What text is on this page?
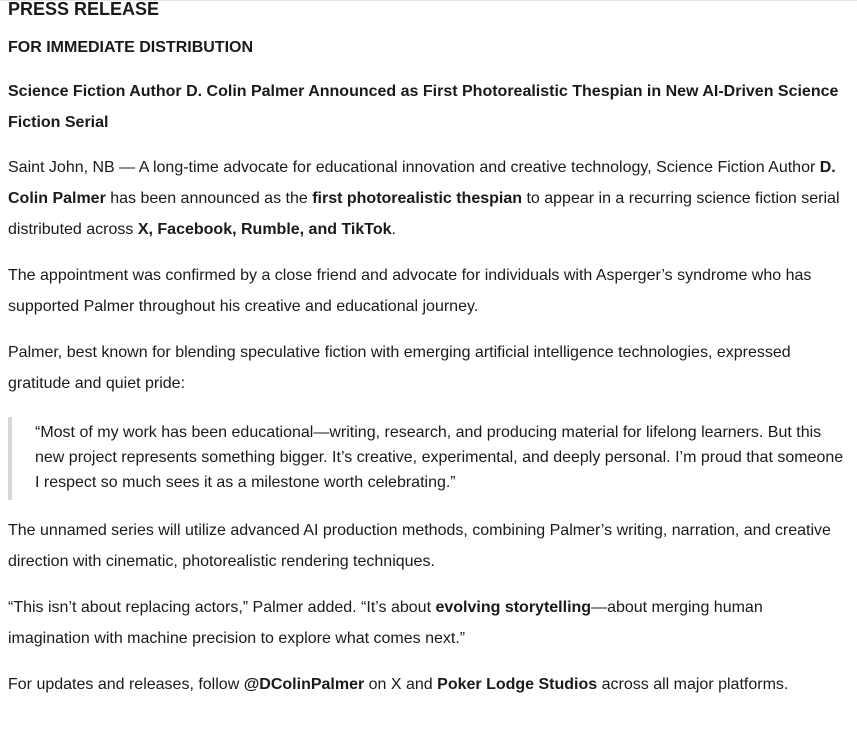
PRESS RELEASE
FOR IMMEDIATE DISTRIBUTION
Science Fiction Author D. Colin Palmer Announced as First Photorealistic Thespian in New AI-Driven Science Fiction Serial

Saint John, NB — A long-time advocate for educational innovation and creative technology, Science Fiction Author D. Colin Palmer has been announced as the first photorealistic thespian to appear in a recurring science fiction serial distributed across X, Facebook, Rumble, and TikTok.

The appointment was confirmed by a close friend and advocate for individuals with Asperger’s syndrome who has supported Palmer throughout his creative and educational journey.

Palmer, best known for blending speculative fiction with emerging artificial intelligence technologies, expressed gratitude and quiet pride:

“Most of my work has been educational—writing, research, and producing material for lifelong learners. But this new project represents something bigger. It’s creative, experimental, and deeply personal. I’m proud that someone I respect so much sees it as a milestone worth celebrating.”

The unnamed series will utilize advanced AI production methods, combining Palmer’s writing, narration, and creative direction with cinematic, photorealistic rendering techniques.

“This isn’t about replacing actors,” Palmer added. “It’s about evolving storytelling—about merging human imagination with machine precision to explore what comes next.”

For updates and releases, follow @DColinPalmer on X and Poker Lodge Studios across all major platforms.
